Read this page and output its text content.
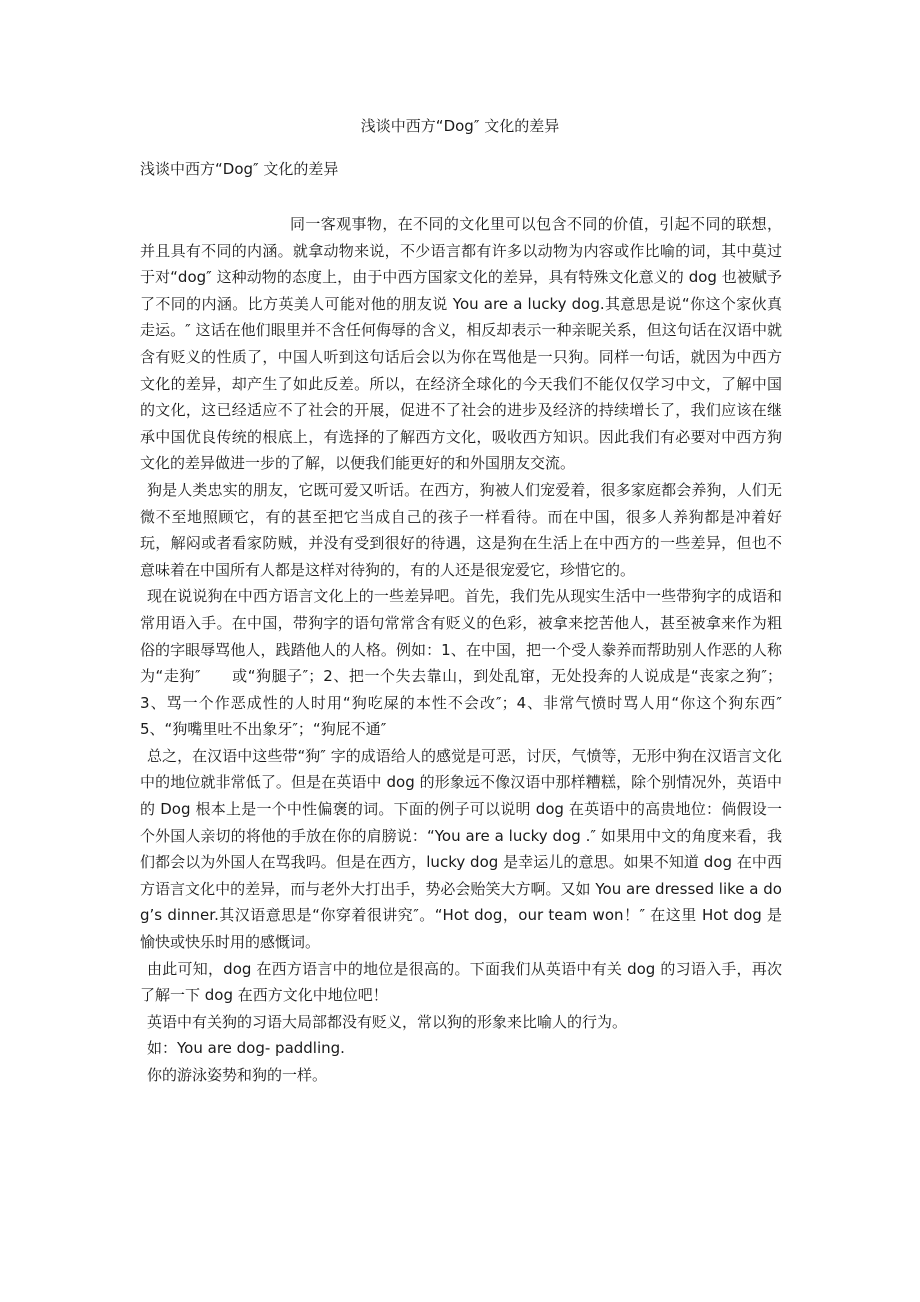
浅谈中西方“Dog″ 文化的差异
浅谈中西方“Dog″ 文化的差异

同一客观事物，在不同的文化里可以包含不同的价值，引起不同的联想，并且具有不同的内涵。就拿动物来说，不少语言都有许多以动物为内容或作比喻的词，其中莫过于对“dog″ 这种动物的态度上，由于中西方国家文化的差异，具有特殊文化意义的 dog 也被赋予了不同的内涵。比方英美人可能对他的朋友说 You are a lucky dog.其意思是说“你这个家伙真走运。″ 这话在他们眼里并不含任何侮辱的含义，相反却表示一种亲昵关系，但这句话在汉语中就含有贬义的性质了，中国人听到这句话后会以为你在骂他是一只狗。同样一句话，就因为中西方文化的差异，却产生了如此反差。所以，在经济全球化的今天我们不能仅仅学习中文，了解中国的文化，这已经适应不了社会的开展，促进不了社会的进步及经济的持续增长了，我们应该在继承中国优良传统的根底上，有选择的了解西方文化，吸收西方知识。因此我们有必要对中西方狗文化的差异做进一步的了解，以便我们能更好的和外国朋友交流。

狗是人类忠实的朋友，它既可爱又听话。在西方，狗被人们宠爱着，很多家庭都会养狗，人们无微不至地照顾它，有的甚至把它当成自己的孩子一样看待。而在中国，很多人养狗都是冲着好玩，解闷或者看家防贼，并没有受到很好的待遇，这是狗在生活上在中西方的一些差异，但也不意味着在中国所有人都是这样对待狗的，有的人还是很宠爱它，珍惜它的。

现在说说狗在中西方语言文化上的一些差异吧。首先，我们先从现实生活中一些带狗字的成语和常用语入手。在中国，带狗字的语句常常含有贬义的色彩，被拿来挖苦他人，甚至被拿来作为粗俗的字眼辱骂他人，践踏他人的人格。例如：1、在中国，把一个受人豢养而帮助别人作恶的人称为“走狗″　　或“狗腿子″；2、把一个失去靠山，到处乱窜，无处投奔的人说成是“丧家之狗″；3、骂一个作恶成性的人时用“狗吃屎的本性不会改″；4、非常气愤时骂人用“你这个狗东西″ 5、“狗嘴里吐不出象牙″；“狗屁不通″

总之，在汉语中这些带“狗″ 字的成语给人的感觉是可恶，讨厌，气愤等，无形中狗在汉语言文化中的地位就非常低了。但是在英语中 dog 的形象远不像汉语中那样糟糕，除个别情况外，英语中的 Dog 根本上是一个中性偏褒的词。下面的例子可以说明 dog 在英语中的高贵地位：倘假设一个外国人亲切的将他的手放在你的肩膀说：“You are a lucky dog .″ 如果用中文的角度来看，我们都会以为外国人在骂我吗。但是在西方，lucky dog 是幸运儿的意思。如果不知道 dog 在中西方语言文化中的差异，而与老外大打出手，势必会贻笑大方啊。又如 You are dressed like a dog’s dinner.其汉语意思是“你穿着很讲究″。“Hot dog，our team won！″ 在这里 Hot dog 是愉快或快乐时用的感慨词。

由此可知，dog 在西方语言中的地位是很高的。下面我们从英语中有关 dog 的习语入手，再次了解一下 dog 在西方文化中地位吧！

英语中有关狗的习语大局部都没有贬义，常以狗的形象来比喻人的行为。

如：You are dog- paddling.

你的游泳姿势和狗的一样。
